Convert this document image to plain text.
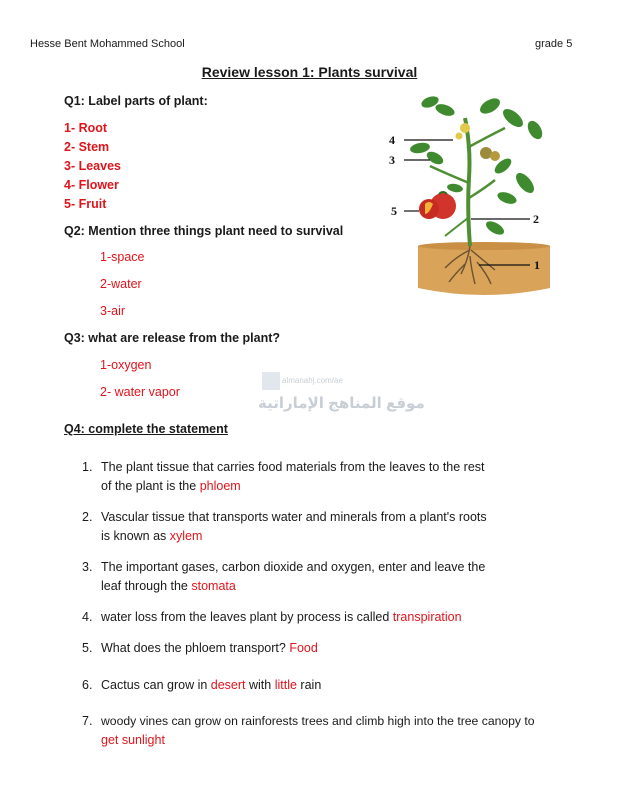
Hesse Bent Mohammed School	grade 5
Review lesson 1: Plants survival
Q1: Label parts of plant:
1- Root
2- Stem
3- Leaves
4- Flower
5- Fruit
Q2: Mention three things plant need to survival
1-space
2-water
3-air
Q3: what are release from the plant?
1-oxygen
2- water vapor
almanahj.com/ae
موقع المناهج الإماراتية
Q4: complete the statement
1. The plant tissue that carries food materials from the leaves to the rest
of the plant is the phloem
2. Vascular tissue that transports water and minerals from a plant's roots
is known as xylem
3. The important gases, carbon dioxide and oxygen, enter and leave the
leaf through the stomata
4. water loss from the leaves plant by process is called transpiration
5. What does the phloem transport? Food
6. Cactus can grow in desert with little rain
7. woody vines can grow on rainforests trees and climb high into the tree canopy to
get sunlight
4
3
5
2
1
